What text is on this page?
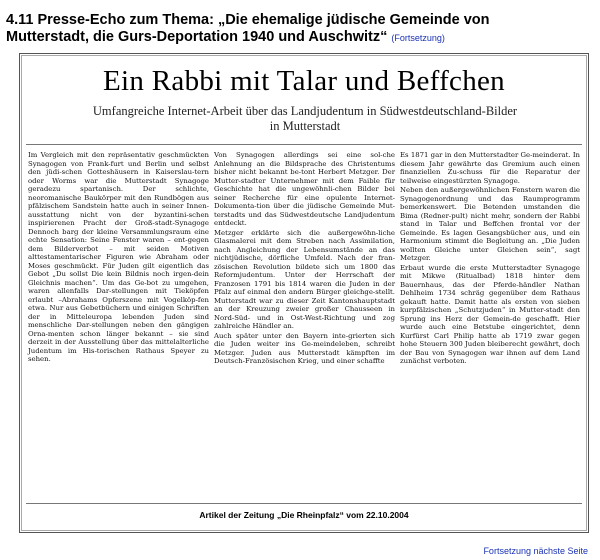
4.11 Presse-Echo zum Thema: „Die ehemalige jüdische Gemeinde von
Mutterstadt, die Gurs-Deportation 1940 und Auschwitz“ (Fortsetzung)
Ein Rabbi mit Talar und Beffchen
Umfangreiche Internet-Arbeit über das Landjudentum in Südwestdeutschland-Bilder in Mutterstadt

Im Vergleich mit den repräsentativ geschmückten Synagogen von Frank-furt und Berlin und selbst den jüdi-schen Gotteshäusern in Kaiserslau-tern oder Worms war die Mutterstadt Synagoge geradezu spartanisch. Der schlichte, neoromanische Baukörper mit den Rundbögen aus pfälzischem Sandstein hatte auch in seiner Innen-ausstattung nicht von der byzantini-schen inspirierenen Pracht der Groß-stadt-Synagoge Dennoch barg der kleine Versammlungsraum eine echte Sensation: Seine Fenster waren – ent-gegen dem Bilderverbot – mit seiden Motiven alttestamentarischer Figuren wie Abraham oder Moses geschmückt. Für Juden gilt eigentlich das Gebot „Du sollst Die kein Bildnis noch irgen-dein Gleichnis machen“. Um das Ge-bot zu umgehen, waren allenfalls Dar-stellungen mit Tieköpfen erlaubt –Abrahams Opferszene mit Vogelköp-fen etwa. Nur aus Gebetbüchern und einigen Schriften der in Mitteleuropa lebenden Juden sind menschliche Dar-stellungen neben den gängigen Orna-menten schon länger bekannt – sie sind derzeit in der Ausstellung über das mittelalterliche Judentum im His-torischen Rathaus Speyer zu sehen.

Von Synagogen allerdings sei eine sol-che Anlehnung an die Bildsprache des Christentums bisher nicht bekannt be-tont Herbert Metzger. Der Mutter-stadter Unternehmer mit dem Faible für Geschichte hat die ungewöhnli-chen Bilder bei seiner Recherche für eine opulente Internet-Dokumenta-tion über die jüdische Gemeinde Mut-terstadts und das Südwestdeutsche Landjudentum entdeckt.

Metzger erklärte sich die außergewöhn-liche Glasmalerei mit dem Streben nach Assimilation, nach Angleichung der Lebensumstände an das nichtjüdische, dörfliche Umfeld. Nach der fran-zösischen Revolution bildete sich um 1800 das Reformjudentum. Unter der Herrschaft der Franzosen 1791 bis 1814 waren die Juden in der Pfalz auf einmal den andern Bürger gleichge-stellt. Mutterstadt war zu dieser Zeit Kantonshauptstadt an der Kreuzung zweier großer Chausseen in Nord-Süd- und in Ost-West-Richtung und zog zahlreiche Händler an.

Auch später unter den Bayern inte-grierten sich die Juden weiter ins Ge-meindeleben, schreibt Metzger. Juden aus Mutterstadt kämpften im Deutsch-Französischen Krieg, und einer schaffte

Es 1871 gar in den Mutterstadter Ge-meinderat. In diesem Jahr gewährte das Gremium auch einen finanziellen Zu-schuss für die Reparatur der teilweise eingestürzten Synagoge.

Neben den außergewöhnlichen Fenstern waren die Synagogenordnung und das Raumprogramm bemerkenswert. Die Betenden umstanden die Bima (Redner-pult) nicht mehr, sondern der Rabbi stand in Talar und Beffchen frontal vor der Gemeinde. Es lagen Gesangsbücher aus, und ein Harmonium stimmt die Begleitung an. „Die Juden wollten Gleiche unter Gleichen sein“, sagt Metzger.

Erbaut wurde die erste Mutterstadter Synagoge mit Mikwe (Ritualbad) 1818 hinter dem Bauernhaus, das der Pferde-händler Nathan Dehlheim 1734 schräg gegenüber dem Rathaus gekauft hatte. Damit hatte als ersten von sieben kurpfälzischen „Schutzjuden“ in Mutter-stadt den Sprung ins Herz der Gemein-de geschafft. Hier wurde auch eine Betstube eingerichtet, denn Kurfürst Carl Philip hatte ab 1719 zwar gegen hohe Steuern 300 Juden bleiberecht gewährt, doch der Bau von Synagogen war ihnen auf dem Land zunächst verboten.

Artikel der Zeitung „Die Rheinpfalz“ vom 22.10.2004
Fortsetzung nächste Seite
